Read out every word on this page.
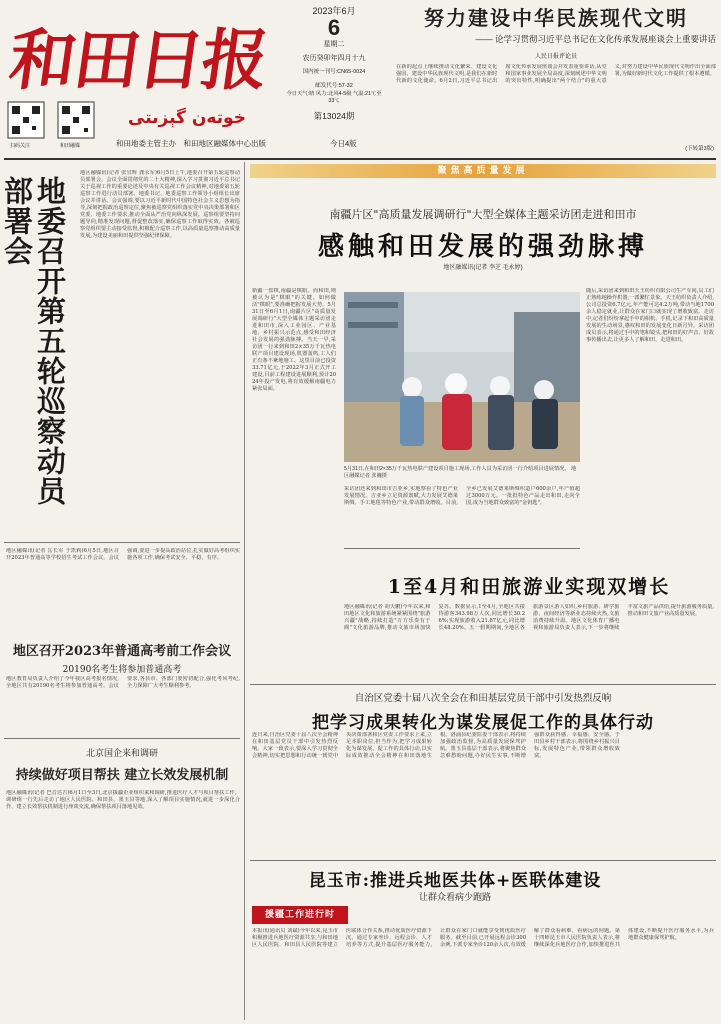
和田日报
خوتەن گېزىتى
和田地委主管主办　和田地区融媒体中心出版
2023年6月
6
星期二
农历癸卯年四月十九
国内统一刊号:CN65-0024
邮发代号:57-32
今日天气:晴 风力:北风4-5级 气温:21℃至33℃
第13024期
今日4版
扫码关注	和田融媒
努力建设中华民族现代文明
—— 论学习贯彻习近平总书记在文化传承发展座谈会上重要讲话
人民日报评论员
在新的起点上继续推动文化繁荣、建设文化强国、建设中华民族现代文明,是我们在新时代新的文化使命。6月2日,习近平总书记出席文化传承发展座谈会并发表重要讲话,从党和国家事业发展全局高度,深刻阐述中华文明的突出特性,明确提出"两个结合"的重大意义,对努力建设中华民族现代文明作出全面部署,为做好新时代文化工作提供了根本遵循。
(下转第3版)
地委召开第五轮巡察动员部署会
地区融媒讯(记者 张宜辉 龚永军)6月5日上午,地委召开第五轮巡察动员部署会。会议全面贯彻党的二十大精神,深入学习贯彻习近平总书记关于巡视工作的重要论述及中央有关巡视工作会议精神,对地委第五轮巡察工作进行动员部署。地委书记、地委巡察工作领导小组组长出席会议并讲话。会议强调,要以习近平新时代中国特色社会主义思想为指导,深刻把握政治巡察定位,聚焦被巡察党组织落实党中央决策部署和区党委、地委工作要求,推动全面从严治党向纵深发展。巡察组要坚持问题导向,精准发现问题,督促整改落实,确保巡察工作取得实效。各被巡察党组织要主动接受监督,积极配合巡察工作,以高质量巡察推动高质量发展,为建设美丽和田提供坚强纪律保障。
地区融媒讯(记者 岳长军 于凯莉)6月5日,地区召开2023年普通高等学校招生考试工作会议。会议强调,要进一步提高政治站位,扎实做好高考组织实施各项工作,确保考试安全、平稳、有序。
地区召开2023年普通高考前工作会议
20190名考生将参加普通高考
地区教育局负责人介绍了今年我区高考报名情况,全地区共有20190名考生将参加普通高考。会议要求,各县市、各部门要密切配合,强化考风考纪,全力保障广大考生顺利参考。
北京国企来和调研
持续做好项目帮扶 建立长效发展机制
地区融媒讯(记者 巴音达吉)6月1日至3日,北京援疆企业组织来和调研,推进医疗人才与项目帮扶工作。调研组一行先后走访了地区人民医院、和田县、墨玉县等地,深入了解项目实施情况,就进一步深化合作、建立长效帮扶机制进行座谈交流,确保帮扶项目落地见效。
聚焦高质量发展
南疆片区"高质量发展调研行"大型全媒体主题采访团走进和田市
感触和田发展的强劲脉搏
地区融媒讯(记者 李芝 毛永婷)
新疆一盘棋,南疆是棋眼。而和田,则被认为是"棋眼"的关键。如何做活"棋眼",要准确把握发展大势。5月31日至6月1日,南疆片区"高质量发展调研行"大型全媒体主题采访团走进和田市,深入工业园区、产业基地、乡村振兴示范点,感受和田经济社会发展的强劲脉搏。当天一早,采访团一行来到和田2×35万千瓦热电联产项目建设现场,机器轰鸣,工人们正有条不紊地施工。这里目前已投资33.71亿元,于2022年3月正式开工建设,目前工程建设进展顺利,预计2024年投产发电,将有效缓解南疆电力紧张局面。
5月31日,在和田2×35万千瓦热电联产建设项目施工现场,工作人员为采访团一行介绍项目进展情况。 地区融媒记者 张巍摄
随后,采访团来到和田天王纺织有限公司生产车间,员工们正熟练地操作机器,一派繁忙景象。天王纺织负责人介绍,公司总投资6.7亿元,年产能可达4.2万吨,带动当地1700余人稳定就业,让群众在家门口就实现了增收致富。走访中,记者们纷纷拿起手中的相机、手机,记录下和田高质量发展的生动场景,感叹和田的发展变化日新月异。采访团成员表示,将通过手中的笔和镜头,把和田的好声音、好故事传播出去,让更多人了解和田、走进和田。
采访团还来到和田市吉亚乡,实地察看了特色产业发展情况。吉亚乡立足资源禀赋,大力发展艾德莱斯绸、手工地毯等特色产业,带动群众增收。目前,全乡已发展艾德莱斯绸织造户600余户,年产值超过3000万元。一批批特色产品走出和田,走向全国,成为当地群众致富的"金钥匙"。
1至4月和田旅游业实现双增长
地区融媒讯(记者 胡天鹏)今年以来,和田地区文化和旅游系统紧紧围绕"旅游兴疆"战略,持续打造"万方乐奏有于阗"文化旅游品牌,推动文旅市场加快复苏。数据显示,1至4月,全地区共接待游客343.98万人次,同比增长30.26%;实现旅游收入21.87亿元,同比增长48.20%。五一假期期间,全地区各旅游景区游人如织,乡村旅游、研学旅游、夜间经济等新业态持续火热,文旅消费持续升温。地区文化体育广播电视和旅游局负责人表示,下一步将继续丰富文旅产品供给,提升旅游服务质量,推动和田文旅产业高质量发展。
自治区党委十届八次全会在和田基层党员干部中引发热烈反响
把学习成果转化为谋发展促工作的具体行动
连日来,自治区党委十届八次全会精神在和田基层党员干部中引发热烈反响。大家一致表示,要深入学习贯彻全会精神,切实把思想和行动统一到党中央决策部署和区党委工作要求上来,立足本职岗位,担当作为,把学习成果转化为谋发展、促工作的具体行动,以实际成效推动全会精神在和田落地生根。洛浦县纪委监委干部表示,将持续加强政治监督,为高质量发展保驾护航。墨玉县基层干部表示,将聚焦群众急难愁盼问题,办好民生实事,不断增强群众获得感、幸福感、安全感。于田县乡村干部表示,将围绕乡村振兴目标,发展特色产业,带领群众增收致富。
昆玉市:推进兵地医共体+医联体建设
让群众看病少跑路
援疆工作进行时
本报讯(通讯员 刘斌)今年以来,昆玉市积极推进兵地医疗资源共享,与和田地区人民医院、和田县人民医院等建立医联体合作关系,推动优质医疗资源下沉。通过专家坐诊、远程会诊、人才培养等方式,提升基层医疗服务能力,让群众在家门口就能享受到优质医疗服务。截至目前,已开展远程会诊300余例,下派专家坐诊120余人次,有效缓解了群众看病难、看病远的问题。第十四师昆玉市人民医院负责人表示,将继续深化兵地医疗合作,加快推进医共体建设,不断提升医疗服务水平,为兵地群众健康保驾护航。
